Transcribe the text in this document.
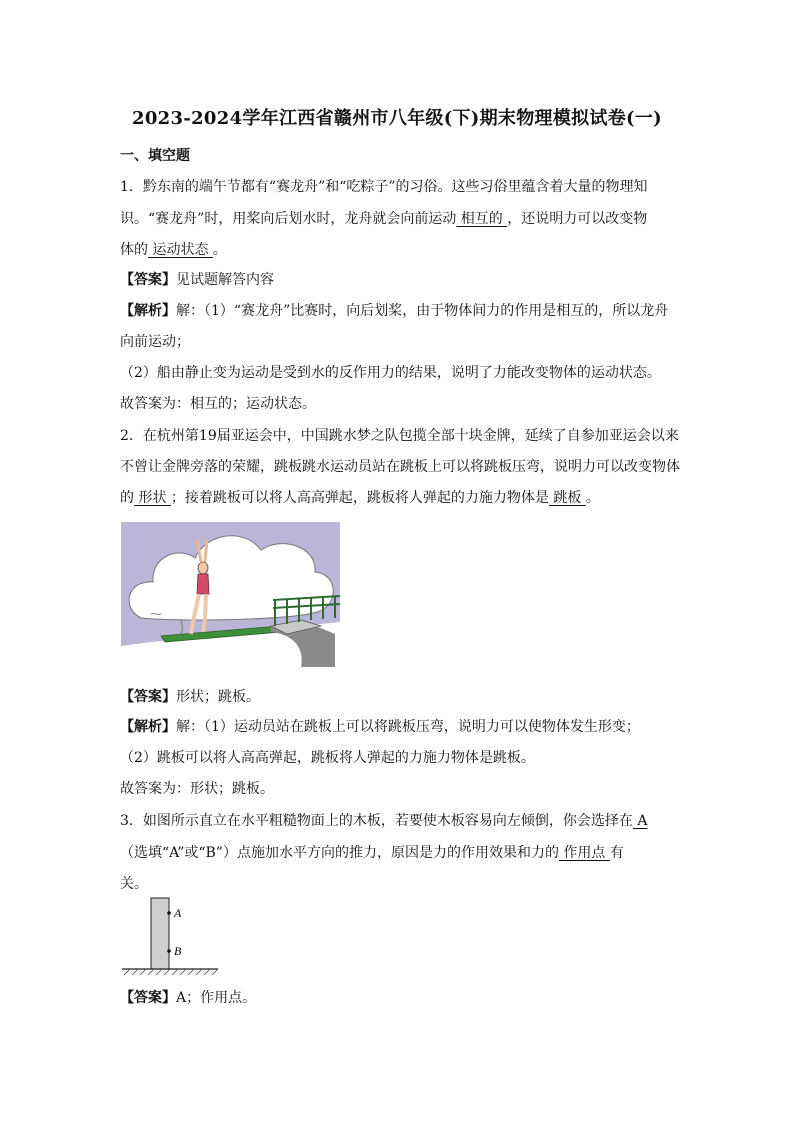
2023-2024学年江西省赣州市八年级(下)期末物理模拟试卷(一)
一、填空题
1．黔东南的端午节都有“赛龙舟”和“吃粽子”的习俗。这些习俗里蕴含着大量的物理知
识。“赛龙舟”时，用桨向后划水时，龙舟就会向前运动 相互的 ，还说明力可以改变物
体的 运动状态 。
【答案】见试题解答内容
【解析】解：（1）“赛龙舟”比赛时，向后划桨，由于物体间力的作用是相互的，所以龙舟
向前运动；
（2）船由静止变为运动是受到水的反作用力的结果，说明了力能改变物体的运动状态。
故答案为：相互的；运动状态。
2．在杭州第19届亚运会中，中国跳水梦之队包揽全部十块金牌，延续了自参加亚运会以来
不曾让金牌旁落的荣耀，跳板跳水运动员站在跳板上可以将跳板压弯，说明力可以改变物体
的 形状 ；接着跳板可以将人高高弹起，跳板将人弹起的力施力物体是 跳板 。
【答案】形状；跳板。
【解析】解：（1）运动员站在跳板上可以将跳板压弯，说明力可以使物体发生形变；
（2）跳板可以将人高高弹起，跳板将人弹起的力施力物体是跳板。
故答案为：形状；跳板。
3．如图所示直立在水平粗糙物面上的木板，若要使木板容易向左倾倒，你会选择在 A
（选填“A”或“B”）点施加水平方向的推力，原因是力的作用效果和力的 作用点 有
关。
A
B
【答案】A；作用点。
